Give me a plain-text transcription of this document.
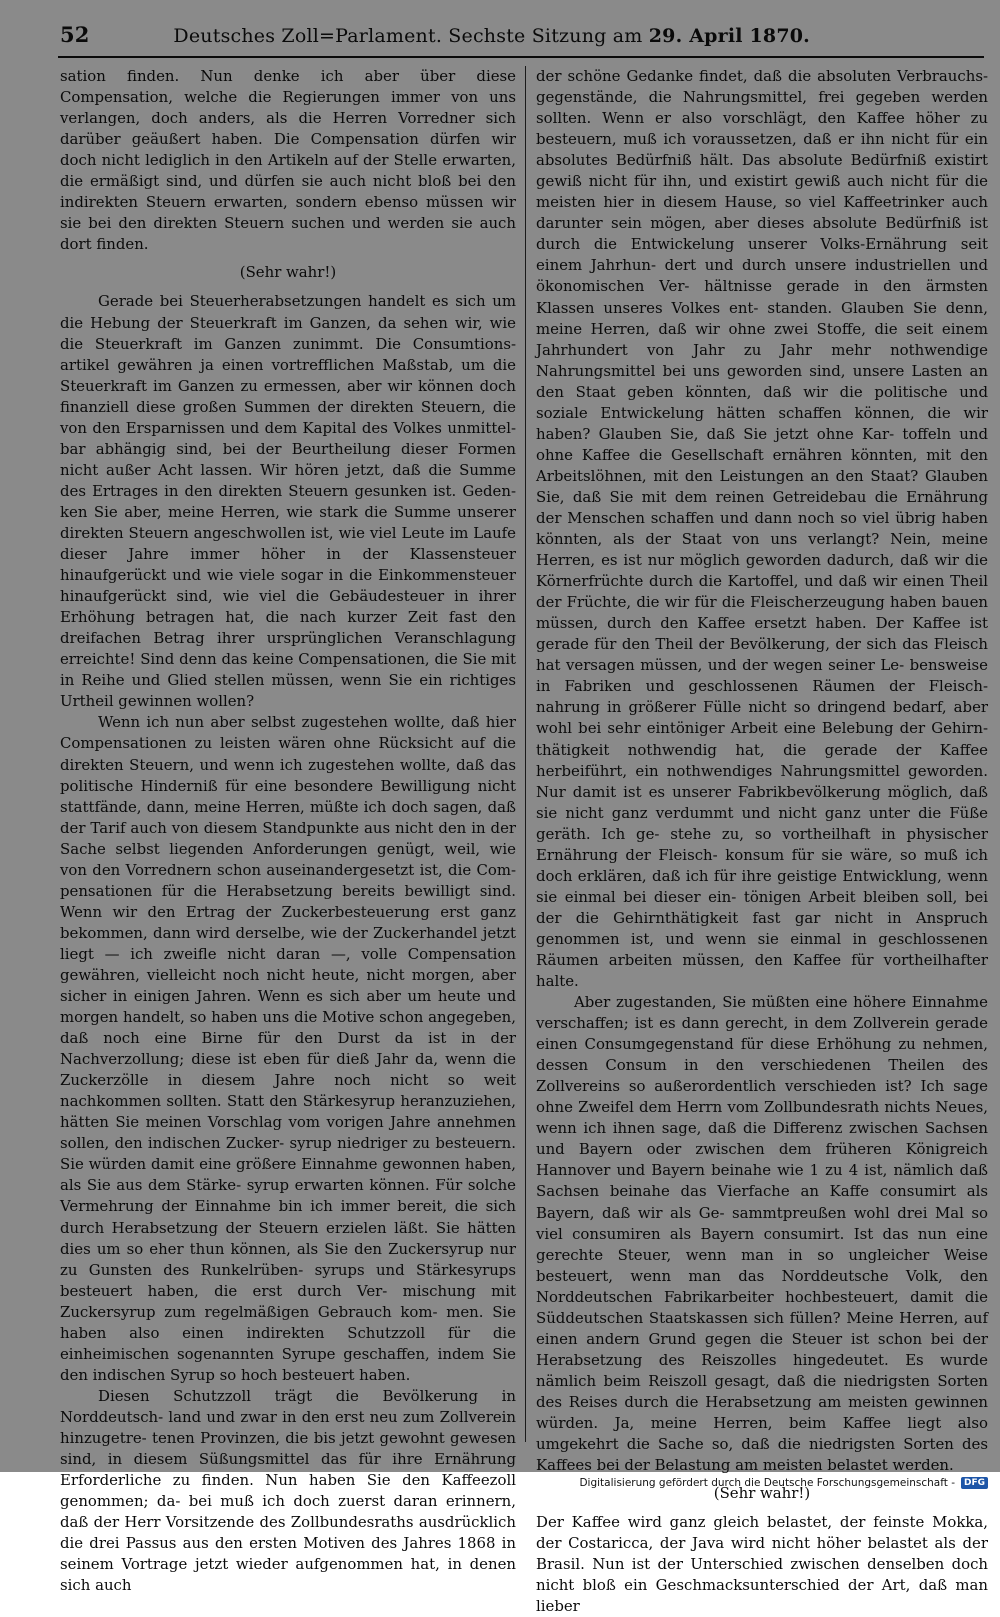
52	Deutsches Zoll=Parlament. Sechste Sitzung am 29. April 1870.

sation finden. Nun denke ich aber über diese Compensation, welche die Regierungen immer von uns verlangen, doch anders, als die Herren Vorredner sich darüber geäußert haben. Die Compensation dürfen wir doch nicht lediglich in den Artikeln auf der Stelle erwarten, die ermäßigt sind, und dürfen sie auch nicht bloß bei den indirekten Steuern erwarten, sondern ebenso müssen wir sie bei den direkten Steuern suchen und werden sie auch dort finden.

(Sehr wahr!)

Gerade bei Steuerherabsetzungen handelt es sich um die Hebung der Steuerkraft im Ganzen, da sehen wir, wie die Steuerkraft im Ganzen zunimmt. Die Consumtions- artikel gewähren ja einen vortrefflichen Maßstab, um die Steuerkraft im Ganzen zu ermessen, aber wir können doch finanziell diese großen Summen der direkten Steuern, die von den Ersparnissen und dem Kapital des Volkes unmittel- bar abhängig sind, bei der Beurtheilung dieser Formen nicht außer Acht lassen. Wir hören jetzt, daß die Summe des Ertrages in den direkten Steuern gesunken ist. Geden- ken Sie aber, meine Herren, wie stark die Summe unserer direkten Steuern angeschwollen ist, wie viel Leute im Laufe dieser Jahre immer höher in der Klassensteuer hinaufgerückt und wie viele sogar in die Einkommensteuer hinaufgerückt sind, wie viel die Gebäudesteuer in ihrer Erhöhung betragen hat, die nach kurzer Zeit fast den dreifachen Betrag ihrer ursprünglichen Veranschlagung erreichte! Sind denn das keine Compensationen, die Sie mit in Reihe und Glied stellen müssen, wenn Sie ein richtiges Urtheil gewinnen wollen?

Wenn ich nun aber selbst zugestehen wollte, daß hier Compensationen zu leisten wären ohne Rücksicht auf die direkten Steuern, und wenn ich zugestehen wollte, daß das politische Hinderniß für eine besondere Bewilligung nicht stattfände, dann, meine Herren, müßte ich doch sagen, daß der Tarif auch von diesem Standpunkte aus nicht den in der Sache selbst liegenden Anforderungen genügt, weil, wie von den Vorrednern schon auseinandergesetzt ist, die Com- pensationen für die Herabsetzung bereits bewilligt sind. Wenn wir den Ertrag der Zuckerbesteuerung erst ganz bekommen, dann wird derselbe, wie der Zuckerhandel jetzt liegt — ich zweifle nicht daran —, volle Compensation gewähren, vielleicht noch nicht heute, nicht morgen, aber sicher in einigen Jahren. Wenn es sich aber um heute und morgen handelt, so haben uns die Motive schon angegeben, daß noch eine Birne für den Durst da ist in der Nachverzollung; diese ist eben für dieß Jahr da, wenn die Zuckerzölle in diesem Jahre noch nicht so weit nachkommen sollten. Statt den Stärkesyrup heranzuziehen, hätten Sie meinen Vorschlag vom vorigen Jahre annehmen sollen, den indischen Zucker- syrup niedriger zu besteuern. Sie würden damit eine größere Einnahme gewonnen haben, als Sie aus dem Stärke- syrup erwarten können. Für solche Vermehrung der Einnahme bin ich immer bereit, die sich durch Herabsetzung der Steuern erzielen läßt. Sie hätten dies um so eher thun können, als Sie den Zuckersyrup nur zu Gunsten des Runkelrüben- syrups und Stärkesyrups besteuert haben, die erst durch Ver- mischung mit Zuckersyrup zum regelmäßigen Gebrauch kom- men. Sie haben also einen indirekten Schutzzoll für die einheimischen sogenannten Syrupe geschaffen, indem Sie den indischen Syrup so hoch besteuert haben.

Diesen Schutzzoll trägt die Bevölkerung in Norddeutsch- land und zwar in den erst neu zum Zollverein hinzugetre- tenen Provinzen, die bis jetzt gewohnt gewesen sind, in diesem Süßungsmittel das für ihre Ernährung Erforderliche zu finden. Nun haben Sie den Kaffeezoll genommen; da- bei muß ich doch zuerst daran erinnern, daß der Herr Vorsitzende des Zollbundesraths ausdrücklich die drei Passus aus den ersten Motiven des Jahres 1868 in seinem Vortrage jetzt wieder aufgenommen hat, in denen sich auch

der schöne Gedanke findet, daß die absoluten Verbrauchs- gegenstände, die Nahrungsmittel, frei gegeben werden sollten. Wenn er also vorschlägt, den Kaffee höher zu besteuern, muß ich voraussetzen, daß er ihn nicht für ein absolutes Bedürfniß hält. Das absolute Bedürfniß existirt gewiß nicht für ihn, und existirt gewiß auch nicht für die meisten hier in diesem Hause, so viel Kaffeetrinker auch darunter sein mögen, aber dieses absolute Bedürfniß ist durch die Entwickelung unserer Volks-Ernährung seit einem Jahrhun- dert und durch unsere industriellen und ökonomischen Ver- hältnisse gerade in den ärmsten Klassen unseres Volkes ent- standen. Glauben Sie denn, meine Herren, daß wir ohne zwei Stoffe, die seit einem Jahrhundert von Jahr zu Jahr mehr nothwendige Nahrungsmittel bei uns geworden sind, unsere Lasten an den Staat geben könnten, daß wir die politische und soziale Entwickelung hätten schaffen können, die wir haben? Glauben Sie, daß Sie jetzt ohne Kar- toffeln und ohne Kaffee die Gesellschaft ernähren könnten, mit den Arbeitslöhnen, mit den Leistungen an den Staat? Glauben Sie, daß Sie mit dem reinen Getreidebau die Ernährung der Menschen schaffen und dann noch so viel übrig haben könnten, als der Staat von uns verlangt? Nein, meine Herren, es ist nur möglich geworden dadurch, daß wir die Körnerfrüchte durch die Kartoffel, und daß wir einen Theil der Früchte, die wir für die Fleischerzeugung haben bauen müssen, durch den Kaffee ersetzt haben. Der Kaffee ist gerade für den Theil der Bevölkerung, der sich das Fleisch hat versagen müssen, und der wegen seiner Le- bensweise in Fabriken und geschlossenen Räumen der Fleisch- nahrung in größerer Fülle nicht so dringend bedarf, aber wohl bei sehr eintöniger Arbeit eine Belebung der Gehirn- thätigkeit nothwendig hat, die gerade der Kaffee herbeiführt, ein nothwendiges Nahrungsmittel geworden. Nur damit ist es unserer Fabrikbevölkerung möglich, daß sie nicht ganz verdummt und nicht ganz unter die Füße geräth. Ich ge- stehe zu, so vortheilhaft in physischer Ernährung der Fleisch- konsum für sie wäre, so muß ich doch erklären, daß ich für ihre geistige Entwicklung, wenn sie einmal bei dieser ein- tönigen Arbeit bleiben soll, bei der die Gehirnthätigkeit fast gar nicht in Anspruch genommen ist, und wenn sie einmal in geschlossenen Räumen arbeiten müssen, den Kaffee für vortheilhafter halte.

Aber zugestanden, Sie müßten eine höhere Einnahme verschaffen; ist es dann gerecht, in dem Zollverein gerade einen Consumgegenstand für diese Erhöhung zu nehmen, dessen Consum in den verschiedenen Theilen des Zollvereins so außerordentlich verschieden ist? Ich sage ohne Zweifel dem Herrn vom Zollbundesrath nichts Neues, wenn ich ihnen sage, daß die Differenz zwischen Sachsen und Bayern oder zwischen dem früheren Königreich Hannover und Bayern beinahe wie 1 zu 4 ist, nämlich daß Sachsen beinahe das Vierfache an Kaffe consumirt als Bayern, daß wir als Ge- sammtpreußen wohl drei Mal so viel consumiren als Bayern consumirt. Ist das nun eine gerechte Steuer, wenn man in so ungleicher Weise besteuert, wenn man das Norddeutsche Volk, den Norddeutschen Fabrikarbeiter hochbesteuert, damit die Süddeutschen Staatskassen sich füllen? Meine Herren, auf einen andern Grund gegen die Steuer ist schon bei der Herabsetzung des Reiszolles hingedeutet. Es wurde nämlich beim Reiszoll gesagt, daß die niedrigsten Sorten des Reises durch die Herabsetzung am meisten gewinnen würden. Ja, meine Herren, beim Kaffee liegt also umgekehrt die Sache so, daß die niedrigsten Sorten des Kaffees bei der Belastung am meisten belastet werden.

(Sehr wahr!)

Der Kaffee wird ganz gleich belastet, der feinste Mokka, der Costaricca, der Java wird nicht höher belastet als der Brasil. Nun ist der Unterschied zwischen denselben doch nicht bloß ein Geschmacksunterschied der Art, daß man lieber

Digitalisierung gefördert durch die Deutsche Forschungsgemeinschaft -	DFG
